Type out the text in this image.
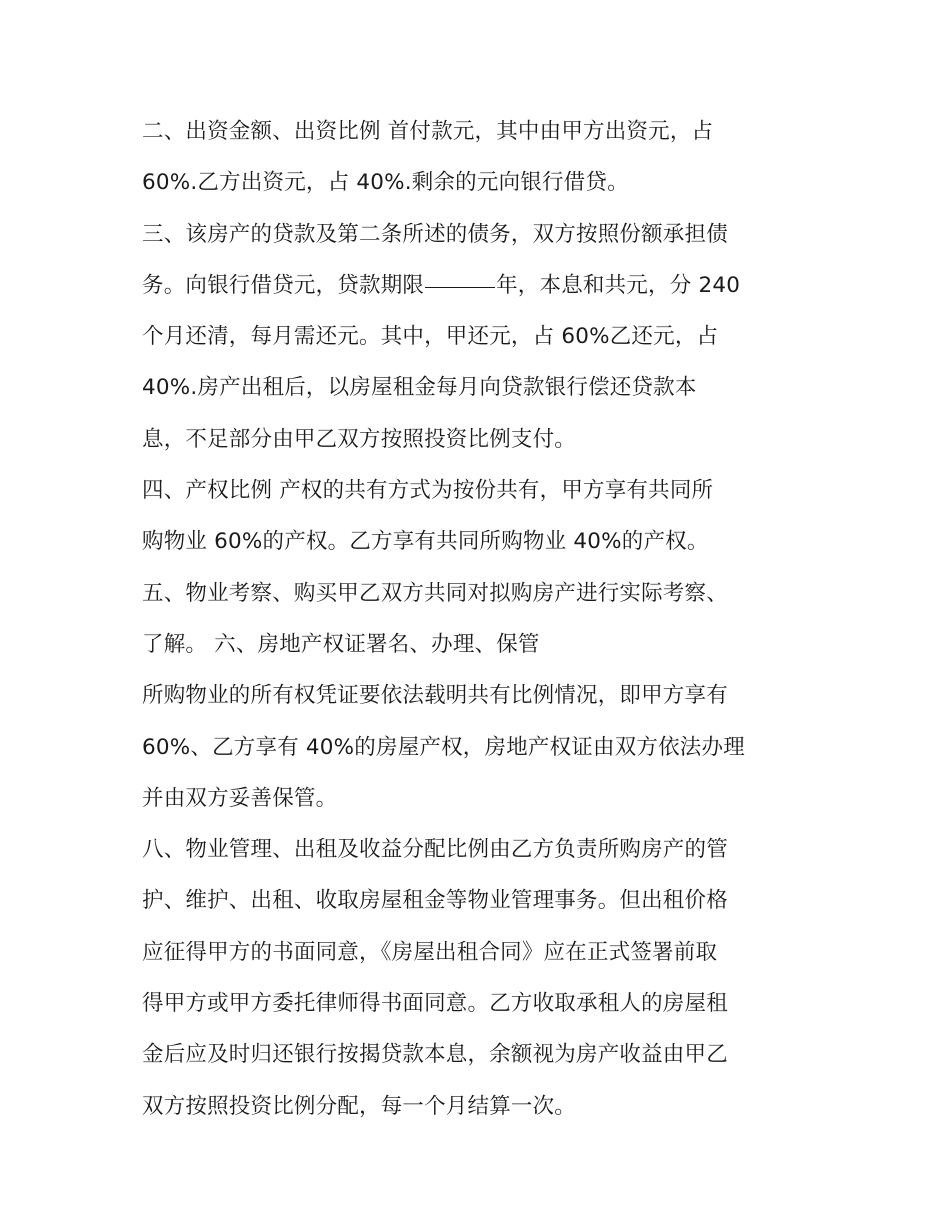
二、出资金额、出资比例 首付款元，其中由甲方出资元，占
60%.乙方出资元，占 40%.剩余的元向银行借贷。
三、该房产的贷款及第二条所述的债务，双方按照份额承担债
务。向银行借贷元，贷款期限	年，本息和共元，分 240
个月还清，每月需还元。其中，甲还元，占 60%乙还元，占
40%.房产出租后，以房屋租金每月向贷款银行偿还贷款本
息，不足部分由甲乙双方按照投资比例支付。
四、产权比例 产权的共有方式为按份共有，甲方享有共同所
购物业 60%的产权。乙方享有共同所购物业 40%的产权。
五、物业考察、购买甲乙双方共同对拟购房产进行实际考察、
了解。 六、房地产权证署名、办理、保管
所购物业的所有权凭证要依法载明共有比例情况，即甲方享有
60%、乙方享有 40%的房屋产权，房地产权证由双方依法办理
并由双方妥善保管。
八、物业管理、出租及收益分配比例由乙方负责所购房产的管
护、维护、出租、收取房屋租金等物业管理事务。但出租价格
应征得甲方的书面同意，《房屋出租合同》应在正式签署前取
得甲方或甲方委托律师得书面同意。乙方收取承租人的房屋租
金后应及时归还银行按揭贷款本息，余额视为房产收益由甲乙
双方按照投资比例分配，每一个月结算一次。
